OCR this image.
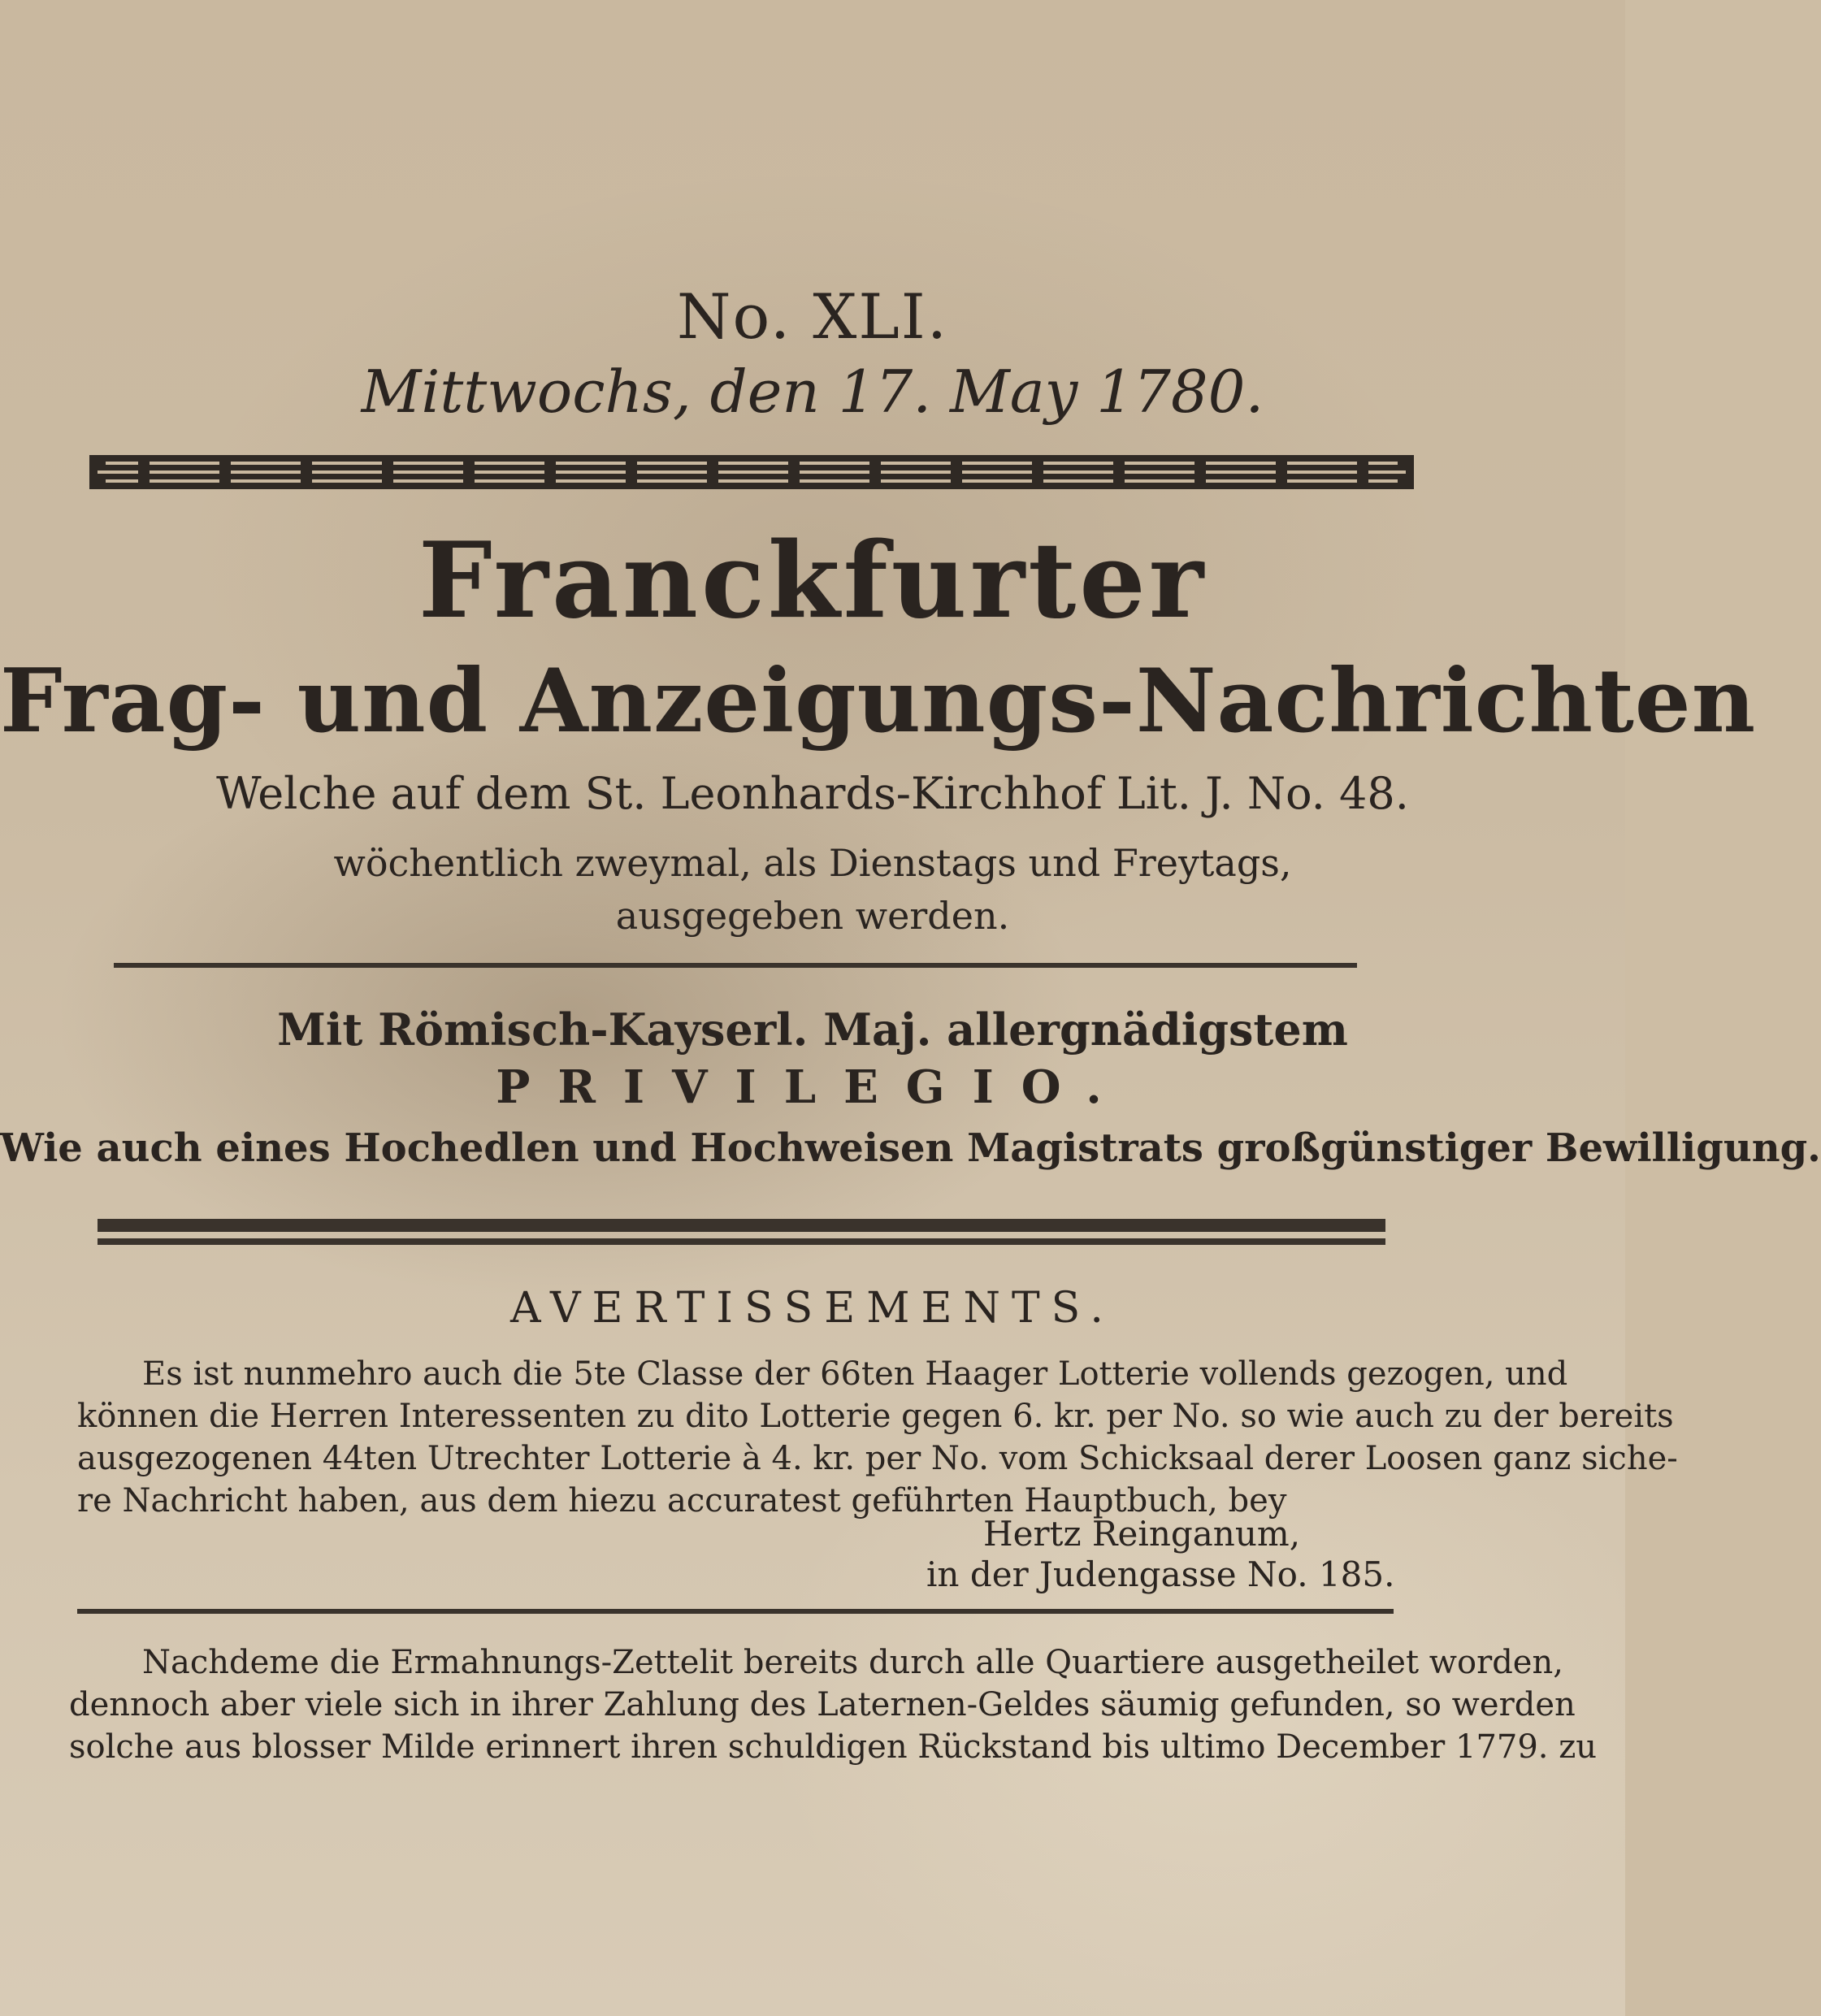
No. XLI.
Mittwochs, den 17. May 1780.
Franckfurter
Frag- und Anzeigungs-Nachrichten
Welche auf dem St. Leonhards-Kirchhof Lit. J. No. 48.
wöchentlich zweymal, als Dienstags und Freytags,
ausgegeben werden.
Mit Römisch-Kayserl. Maj. allergnädigstem
PRIVILEGIO.
Wie auch eines Hochedlen und Hochweisen Magistrats großgünstiger Bewilligung.
AVERTISSEMENTS.
Es ist nunmehro auch die 5te Classe der 66ten Haager Lotterie vollends gezogen, und
können die Herren Interessenten zu dito Lotterie gegen 6. kr. per No. so wie auch zu der bereits
ausgezogenen 44ten Utrechter Lotterie à 4. kr. per No. vom Schicksaal derer Loosen ganz siche-
re Nachricht haben, aus dem hiezu accuratest geführten Hauptbuch, bey
Hertz Reinganum,
in der Judengasse No. 185.
Nachdeme die Ermahnungs-Zettelit bereits durch alle Quartiere ausgetheilet worden,
dennoch aber viele sich in ihrer Zahlung des Laternen-Geldes säumig gefunden, so werden
solche aus blosser Milde erinnert ihren schuldigen Rückstand bis ultimo December 1779. zu
